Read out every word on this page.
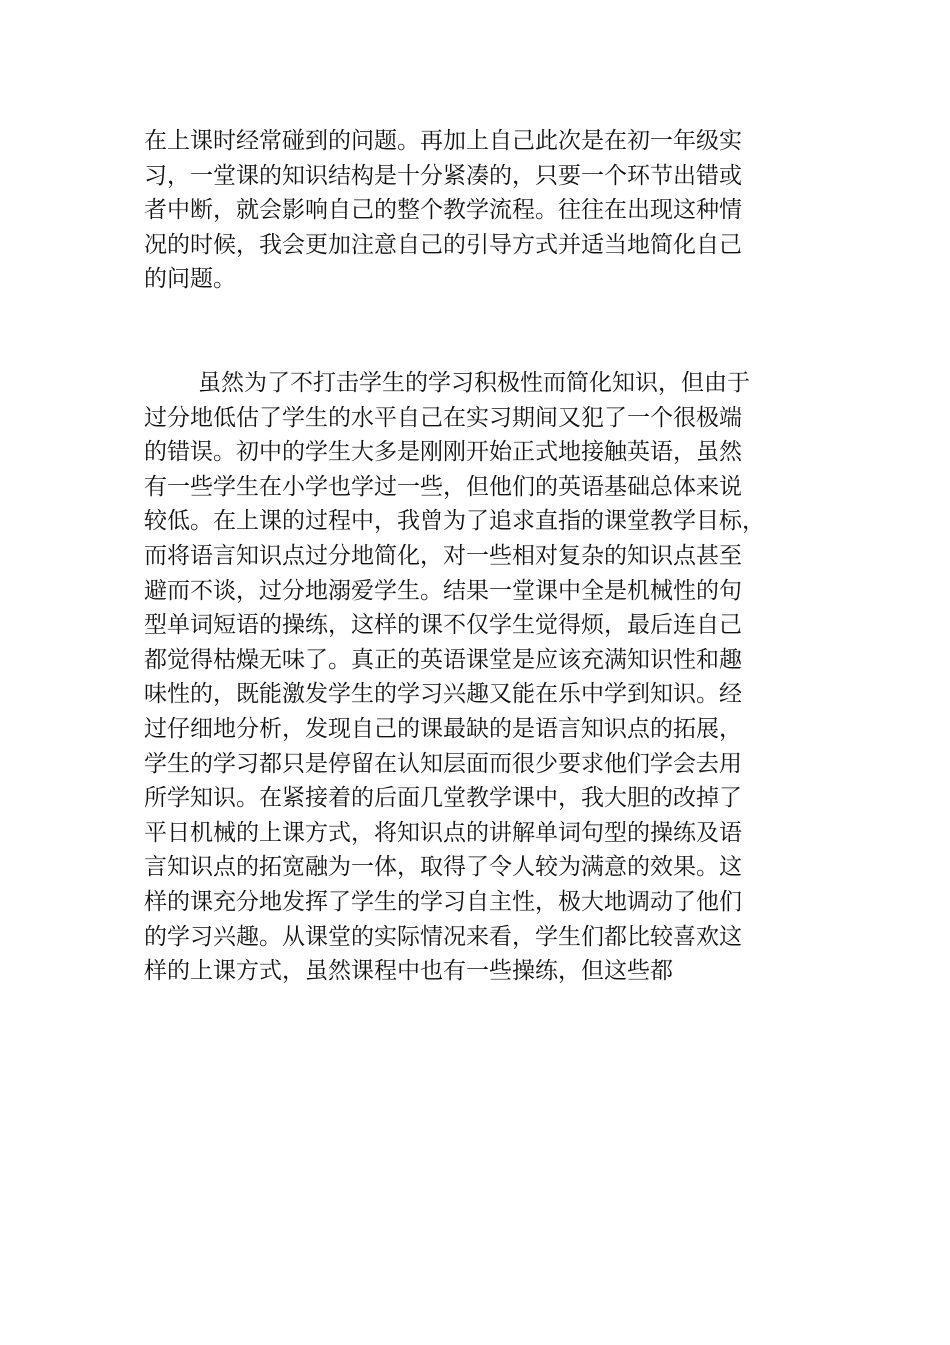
在上课时经常碰到的问题。再加上自己此次是在初一年级实
习，一堂课的知识结构是十分紧凑的，只要一个环节出错或
者中断，就会影响自己的整个教学流程。往往在出现这种情
况的时候，我会更加注意自己的引导方式并适当地简化自己
的问题。
虽然为了不打击学生的学习积极性而简化知识，但由于
过分地低估了学生的水平自己在实习期间又犯了一个很极端
的错误。初中的学生大多是刚刚开始正式地接触英语，虽然
有一些学生在小学也学过一些，但他们的英语基础总体来说
较低。在上课的过程中，我曾为了追求直指的课堂教学目标，
而将语言知识点过分地简化，对一些相对复杂的知识点甚至
避而不谈，过分地溺爱学生。结果一堂课中全是机械性的句
型单词短语的操练，这样的课不仅学生觉得烦，最后连自己
都觉得枯燥无味了。真正的英语课堂是应该充满知识性和趣
味性的，既能激发学生的学习兴趣又能在乐中学到知识。经
过仔细地分析，发现自己的课最缺的是语言知识点的拓展，
学生的学习都只是停留在认知层面而很少要求他们学会去用
所学知识。在紧接着的后面几堂教学课中，我大胆的改掉了
平日机械的上课方式，将知识点的讲解单词句型的操练及语
言知识点的拓宽融为一体，取得了令人较为满意的效果。这
样的课充分地发挥了学生的学习自主性，极大地调动了他们
的学习兴趣。从课堂的实际情况来看，学生们都比较喜欢这
样的上课方式，虽然课程中也有一些操练，但这些都
